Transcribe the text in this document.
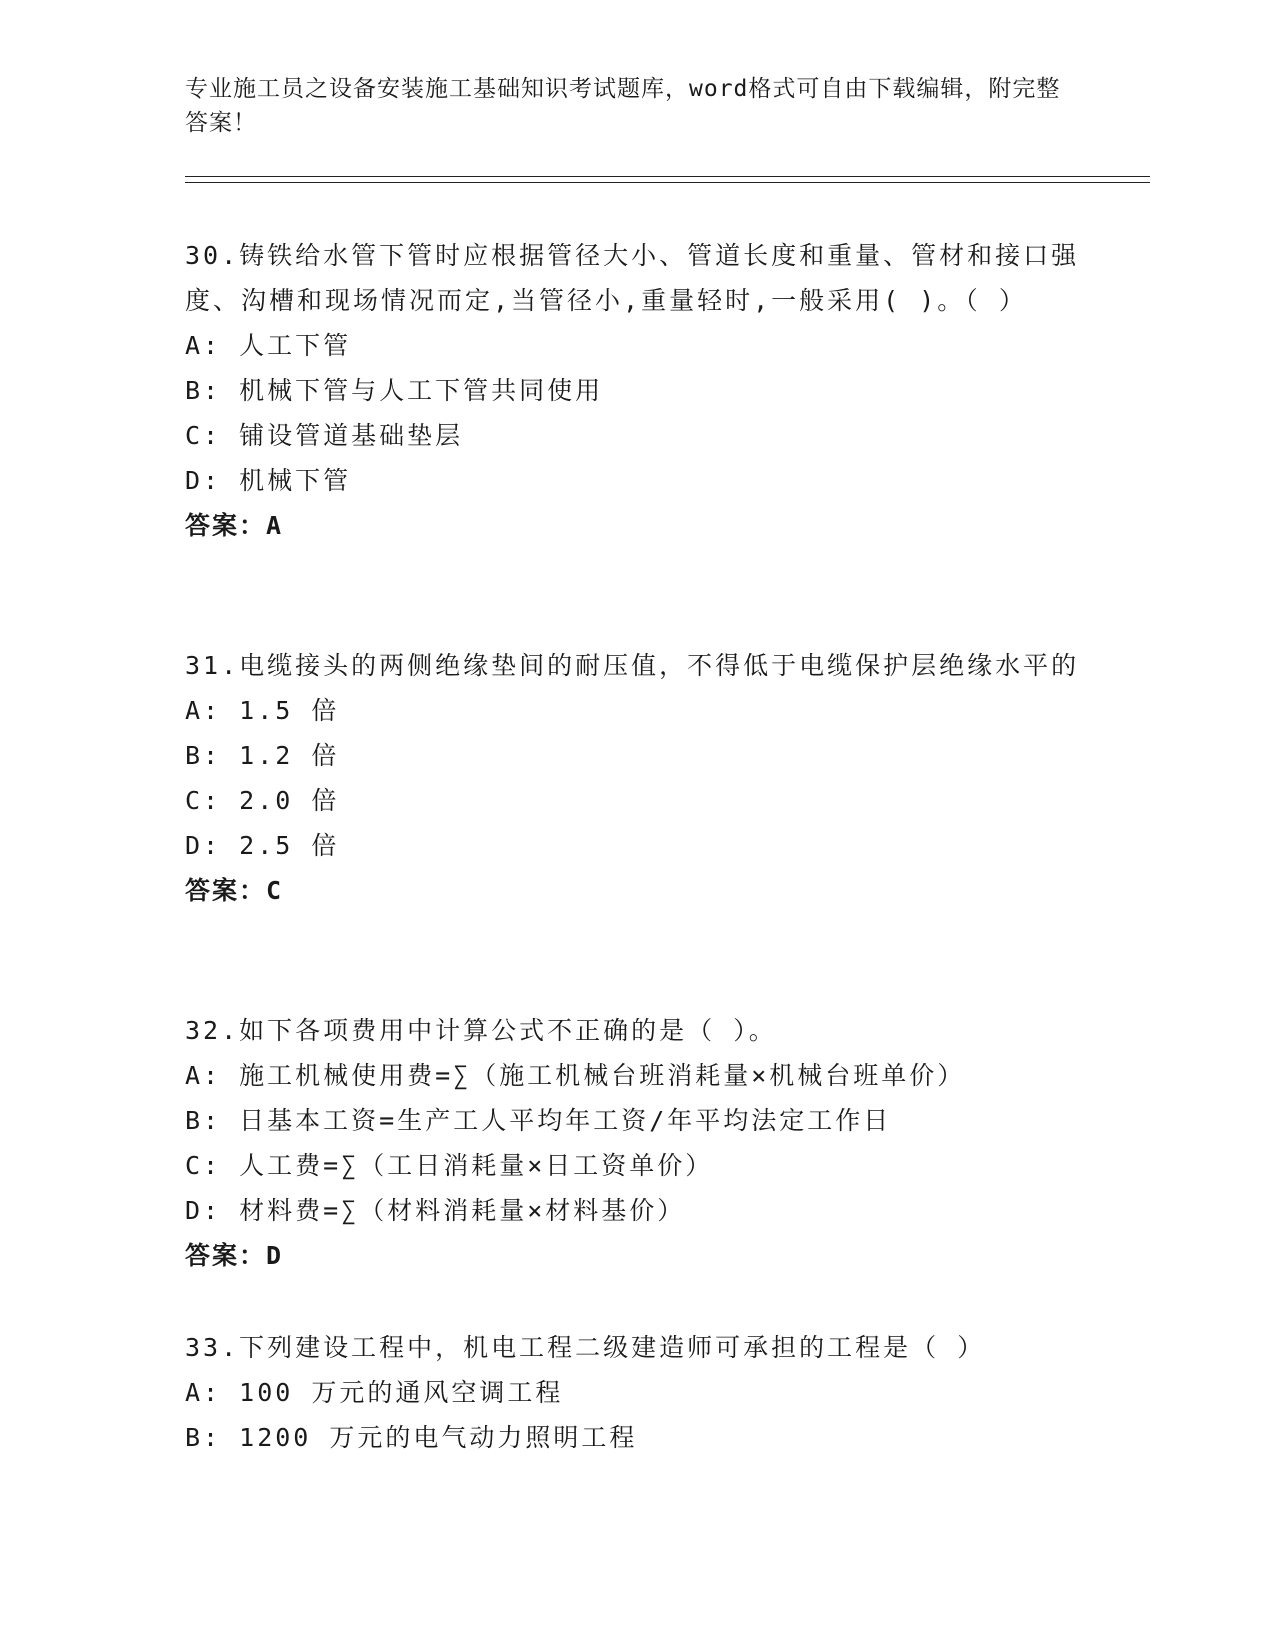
专业施工员之设备安装施工基础知识考试题库，word格式可自由下载编辑，附完整答案！

30.铸铁给水管下管时应根据管径大小、管道长度和重量、管材和接口强度、沟槽和现场情况而定,当管径小,重量轻时,一般采用( )。（ ）

A: 人工下管

B: 机械下管与人工下管共同使用

C: 铺设管道基础垫层

D: 机械下管

答案：A

31.电缆接头的两侧绝缘垫间的耐压值，不得低于电缆保护层绝缘水平的

A: 1.5 倍

B: 1.2 倍

C: 2.0 倍

D: 2.5 倍

答案：C

32.如下各项费用中计算公式不正确的是（ ）。

A: 施工机械使用费=∑（施工机械台班消耗量×机械台班单价）

B: 日基本工资=生产工人平均年工资/年平均法定工作日

C: 人工费=∑（工日消耗量×日工资单价）

D: 材料费=∑（材料消耗量×材料基价）

答案：D

33.下列建设工程中，机电工程二级建造师可承担的工程是（ ）

A: 100 万元的通风空调工程

B: 1200 万元的电气动力照明工程
